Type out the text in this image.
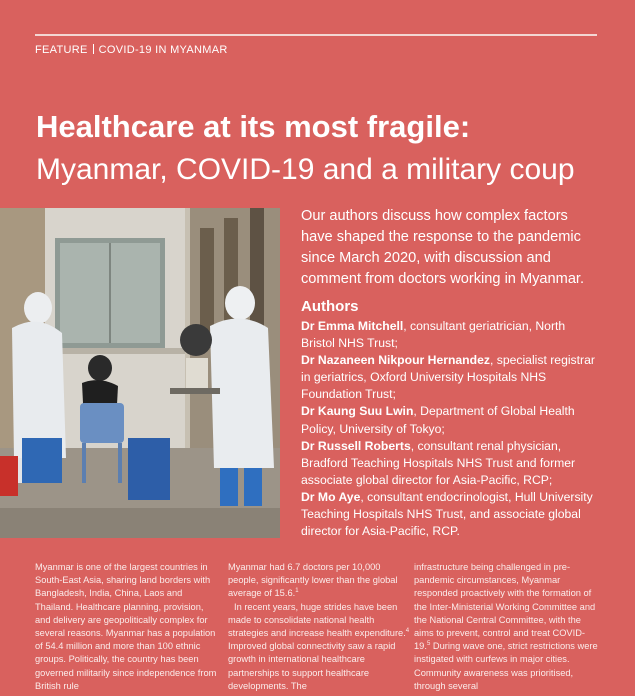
FEATURE COVID-19 IN MYANMAR
Healthcare at its most fragile:
Myanmar, COVID-19 and a military coup
Our authors discuss how complex factors have shaped the response to the pandemic since March 2020, with discussion and comment from doctors working in Myanmar.
Authors

Dr Emma Mitchell, consultant geriatrician, North Bristol NHS Trust;

Dr Nazaneen Nikpour Hernandez, specialist registrar in geriatrics, Oxford University Hospitals NHS Foundation Trust;

Dr Kaung Suu Lwin, Department of Global Health Policy, University of Tokyo;

Dr Russell Roberts, consultant renal physician, Bradford Teaching Hospitals NHS Trust and former associate global director for Asia-Pacific, RCP;

Dr Mo Aye, consultant endocrinologist, Hull University Teaching Hospitals NHS Trust, and associate global director for Asia-Pacific, RCP.

Myanmar is one of the largest countries in South-East Asia, sharing land borders with Bangladesh, India, China, Laos and Thailand. Healthcare planning, provision, and delivery are geopolitically complex for several reasons. Myanmar has a population of 54.4 million and more than 100 ethnic groups. Politically, the country has been governed militarily since independence from British rule

Myanmar had 6.7 doctors per 10,000 people, significantly lower than the global average of 15.6.$^1$

In recent years, huge strides have been made to consolidate national health strategies and increase health expenditure.$^4$ Improved global connectivity saw a rapid growth in international healthcare partnerships to support healthcare developments. The

infrastructure being challenged in pre-pandemic circumstances, Myanmar responded proactively with the formation of the Inter-Ministerial Working Committee and the National Central Committee, with the aims to prevent, control and treat COVID-19.$^5$ During wave one, strict restrictions were instigated with curfews in major cities. Community awareness was prioritised, through several
